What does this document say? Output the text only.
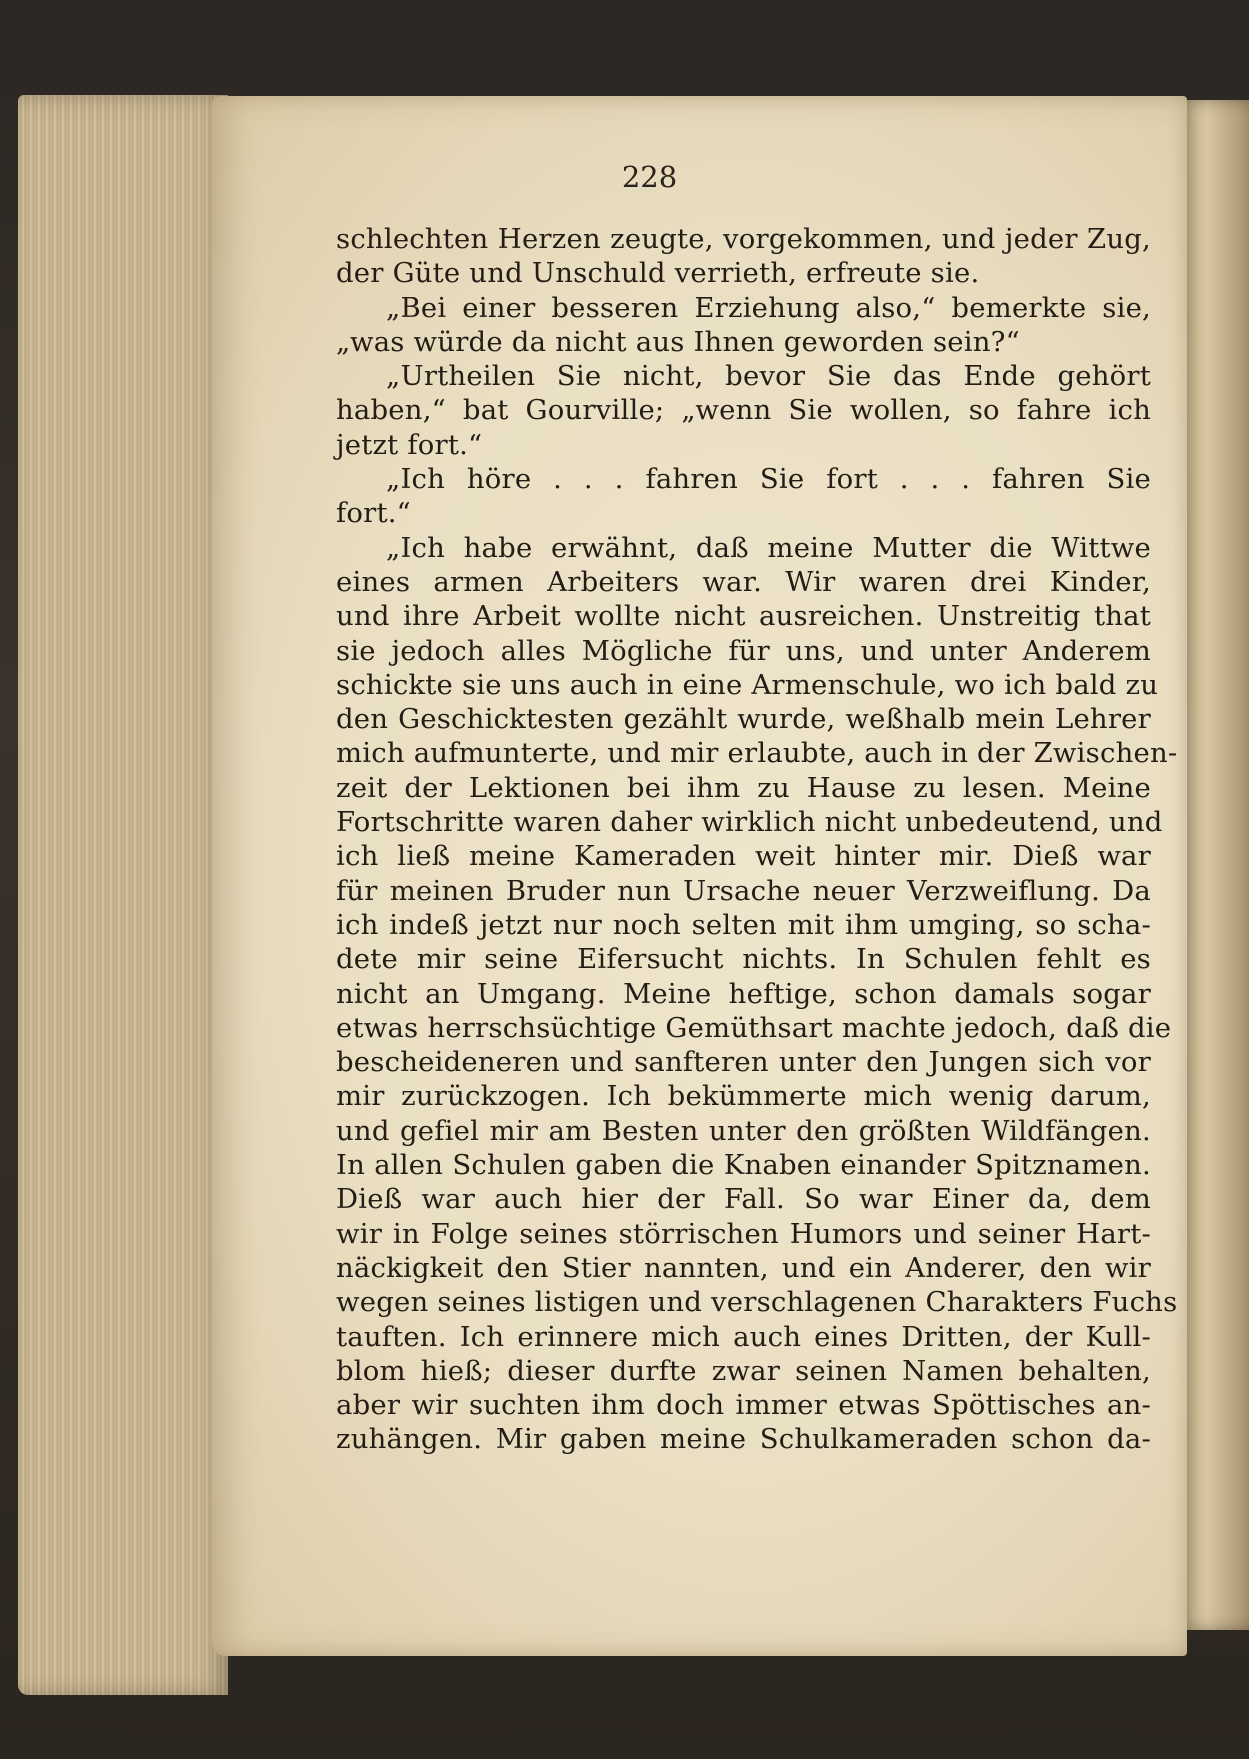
228
schlechten Herzen zeugte, vorgekommen, und jeder Zug,
der Güte und Unschuld verrieth, erfreute sie.
„Bei einer besseren Erziehung also,“ bemerkte sie,
„was würde da nicht aus Ihnen geworden sein?“
„Urtheilen Sie nicht, bevor Sie das Ende gehört
haben,“ bat Gourville; „wenn Sie wollen, so fahre ich
jetzt fort.“
„Ich höre . . . fahren Sie fort . . . fahren Sie
fort.“
„Ich habe erwähnt, daß meine Mutter die Wittwe
eines armen Arbeiters war. Wir waren drei Kinder,
und ihre Arbeit wollte nicht ausreichen. Unstreitig that
sie jedoch alles Mögliche für uns, und unter Anderem
schickte sie uns auch in eine Armenschule, wo ich bald zu
den Geschicktesten gezählt wurde, weßhalb mein Lehrer
mich aufmunterte, und mir erlaubte, auch in der Zwischen-
zeit der Lektionen bei ihm zu Hause zu lesen. Meine
Fortschritte waren daher wirklich nicht unbedeutend, und
ich ließ meine Kameraden weit hinter mir. Dieß war
für meinen Bruder nun Ursache neuer Verzweiflung. Da
ich indeß jetzt nur noch selten mit ihm umging, so scha-
dete mir seine Eifersucht nichts. In Schulen fehlt es
nicht an Umgang. Meine heftige, schon damals sogar
etwas herrschsüchtige Gemüthsart machte jedoch, daß die
bescheideneren und sanfteren unter den Jungen sich vor
mir zurückzogen. Ich bekümmerte mich wenig darum,
und gefiel mir am Besten unter den größten Wildfängen.
In allen Schulen gaben die Knaben einander Spitznamen.
Dieß war auch hier der Fall. So war Einer da, dem
wir in Folge seines störrischen Humors und seiner Hart-
näckigkeit den Stier nannten, und ein Anderer, den wir
wegen seines listigen und verschlagenen Charakters Fuchs
tauften. Ich erinnere mich auch eines Dritten, der Kull-
blom hieß; dieser durfte zwar seinen Namen behalten,
aber wir suchten ihm doch immer etwas Spöttisches an-
zuhängen. Mir gaben meine Schulkameraden schon da-
